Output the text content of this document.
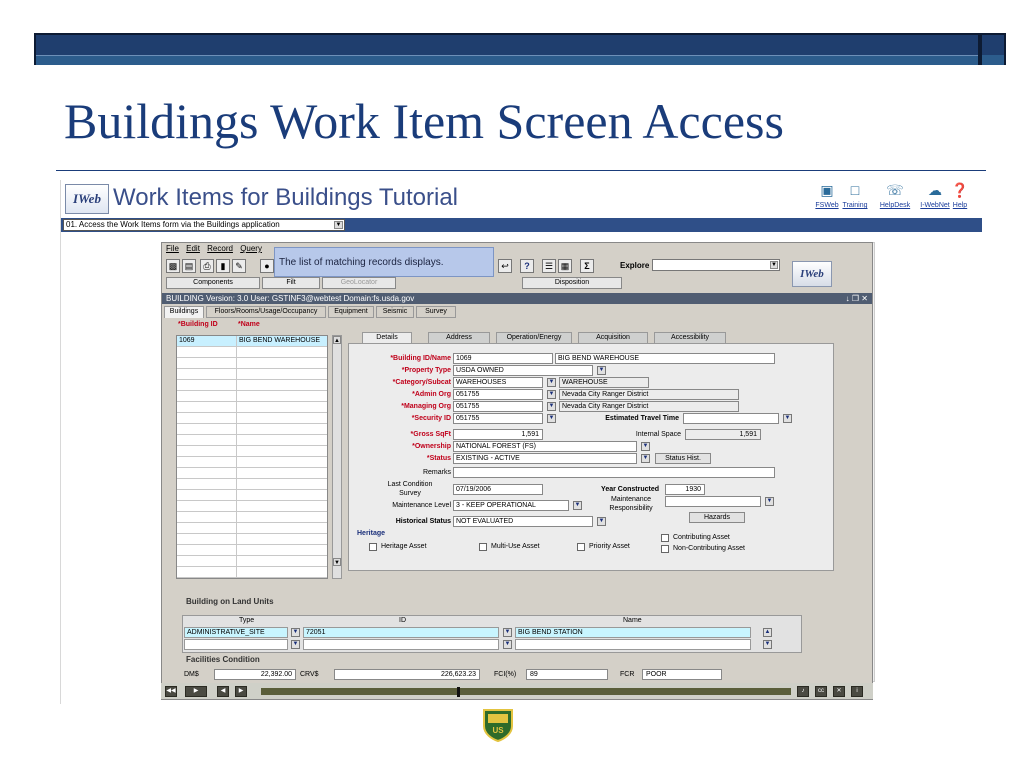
Buildings Work Item Screen Access
IWeb Work Items for Buildings Tutorial	▣
FSWeb
□
Training
☏
HelpDesk
☁
I-WebNet
❓
Help
01. Access the Work Items form via the Buildings application	▼
File Edit Record Query
▩ ▤	⎙	▮	✎	●	↩	?	☰ ▦	Σ	Explore	▼
IWeb
Components	Filt	GeoLocator	Disposition
The list of matching records displays.
BUILDING Version: 3.0 User: GSTINF3@webtest Domain:fs.usda.gov	↓ ❐ ✕
Buildings	Floors/Rooms/Usage/Occupancy	Equipment	Seismic	Survey
*Building ID	*Name
1069	BIG BEND WAREHOUSE ▲
▼
Details	Address	Operation/Energy	Acquisition	Accessibility
*Building ID/Name 1069	BIG BEND WAREHOUSE
*Property Type USDA OWNED	▼
*Category/Subcat WAREHOUSES	▼	WAREHOUSE
*Admin Org 051755	▼	Nevada City Ranger District
*Managing Org 051755	▼	Nevada City Ranger District
*Security ID 051755	▼	Estimated Travel Time	▼
*Gross SqFt	1,591	Internal Space	1,591
*Ownership NATIONAL FOREST (FS)	▼
*Status EXISTING - ACTIVE	▼	Status Hist.
Remarks
Last Condition Survey
07/19/2006	Year Constructed	1930
Maintenance Level 3 - KEEP OPERATIONAL	▼
Maintenance Responsibility
▼
Historical Status NOT EVALUATED	▼	Hazards
Heritage
Heritage Asset	Multi-Use Asset	Priority Asset
Contributing Asset
Non-Contributing Asset
Building on Land Units
Type	ID	Name
ADMINISTRATIVE_SITE	▼	72051	▼	BIG BEND STATION
▼	▼
▲
▼
Facilities Condition
DM$	22,392.00	CRV$	226,623.23	FCI(%)	89	FCR	POOR
◀◀	▶	◀	▶	♪	cc	✕	i
US
